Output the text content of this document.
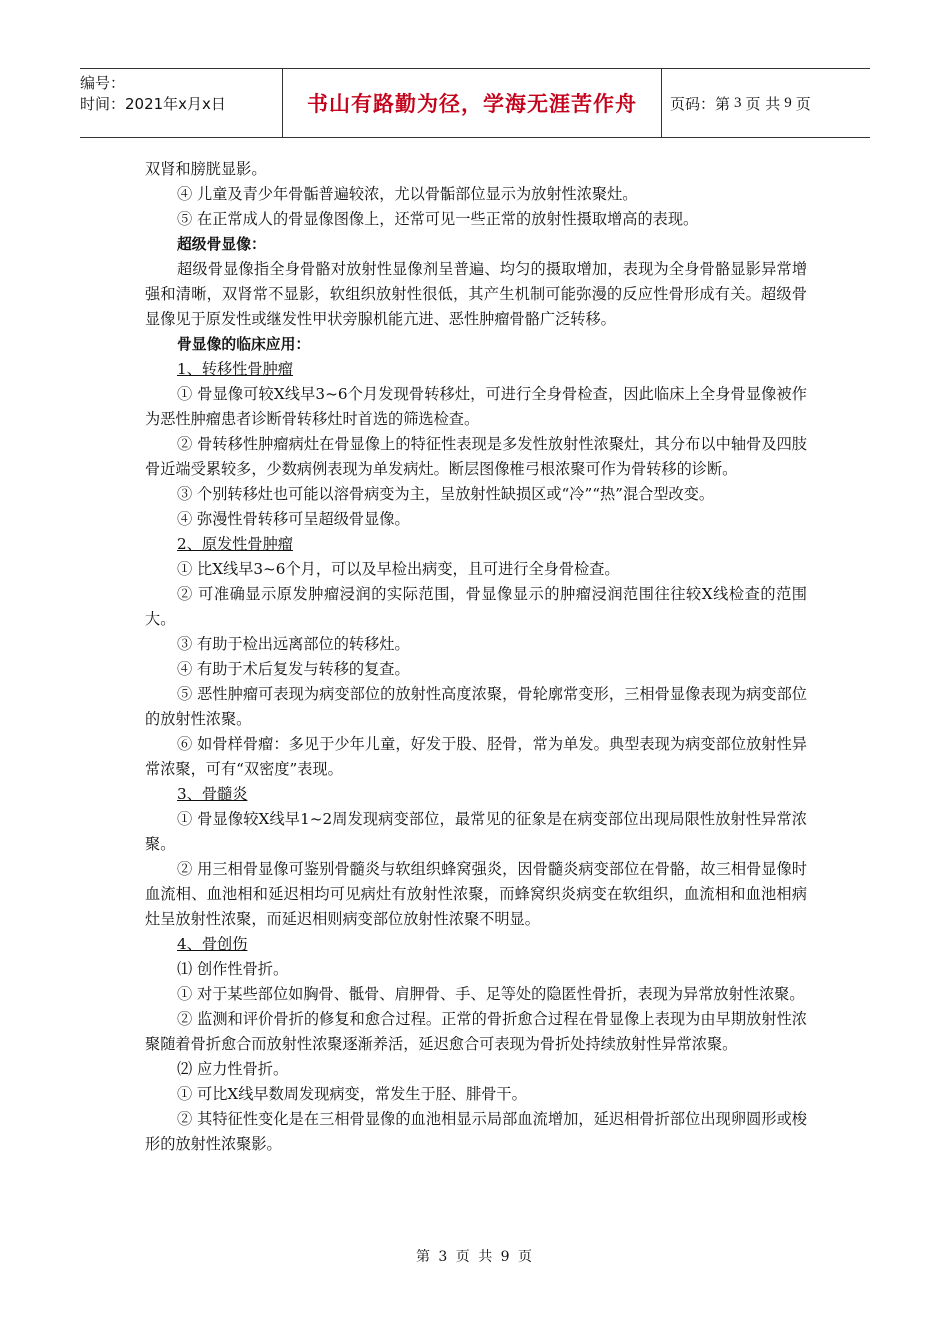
编号：
时间：2021年x月x日	书山有路勤为径，学海无涯苦作舟 页码：第 3 页 共 9 页

双肾和膀胱显影。

④ 儿童及青少年骨骺普遍较浓，尤以骨骺部位显示为放射性浓聚灶。

⑤ 在正常成人的骨显像图像上，还常可见一些正常的放射性摄取增高的表现。

超级骨显像：

超级骨显像指全身骨骼对放射性显像剂呈普遍、均匀的摄取增加，表现为全身骨骼显影异常增强和清晰，双肾常不显影，软组织放射性很低，其产生机制可能弥漫的反应性骨形成有关。超级骨显像见于原发性或继发性甲状旁腺机能亢进、恶性肿瘤骨骼广泛转移。

骨显像的临床应用：

1、转移性骨肿瘤

① 骨显像可较X线早3~6个月发现骨转移灶，可进行全身骨检查，因此临床上全身骨显像被作为恶性肿瘤患者诊断骨转移灶时首选的筛选检查。

② 骨转移性肿瘤病灶在骨显像上的特征性表现是多发性放射性浓聚灶，其分布以中轴骨及四肢骨近端受累较多，少数病例表现为单发病灶。断层图像椎弓根浓聚可作为骨转移的诊断。

③ 个别转移灶也可能以溶骨病变为主，呈放射性缺损区或“冷”“热”混合型改变。

④ 弥漫性骨转移可呈超级骨显像。

2、原发性骨肿瘤

① 比X线早3~6个月，可以及早检出病变，且可进行全身骨检查。

② 可准确显示原发肿瘤浸润的实际范围，骨显像显示的肿瘤浸润范围往往较X线检查的范围大。

③ 有助于检出远离部位的转移灶。

④ 有助于术后复发与转移的复查。

⑤ 恶性肿瘤可表现为病变部位的放射性高度浓聚，骨轮廓常变形，三相骨显像表现为病变部位的放射性浓聚。

⑥ 如骨样骨瘤：多见于少年儿童，好发于股、胫骨，常为单发。典型表现为病变部位放射性异常浓聚，可有“双密度”表现。

3、骨髓炎

① 骨显像较X线早1~2周发现病变部位，最常见的征象是在病变部位出现局限性放射性异常浓聚。

② 用三相骨显像可鉴别骨髓炎与软组织蜂窝强炎，因骨髓炎病变部位在骨骼，故三相骨显像时血流相、血池相和延迟相均可见病灶有放射性浓聚，而蜂窝织炎病变在软组织，血流相和血池相病灶呈放射性浓聚，而延迟相则病变部位放射性浓聚不明显。

4、骨创伤

⑴ 创作性骨折。

① 对于某些部位如胸骨、骶骨、肩胛骨、手、足等处的隐匿性骨折，表现为异常放射性浓聚。

② 监测和评价骨折的修复和愈合过程。正常的骨折愈合过程在骨显像上表现为由早期放射性浓聚随着骨折愈合而放射性浓聚逐渐养活，延迟愈合可表现为骨折处持续放射性异常浓聚。

⑵ 应力性骨折。

① 可比X线早数周发现病变，常发生于胫、腓骨干。

② 其特征性变化是在三相骨显像的血池相显示局部血流增加，延迟相骨折部位出现卵圆形或梭形的放射性浓聚影。

第 3 页 共 9 页
